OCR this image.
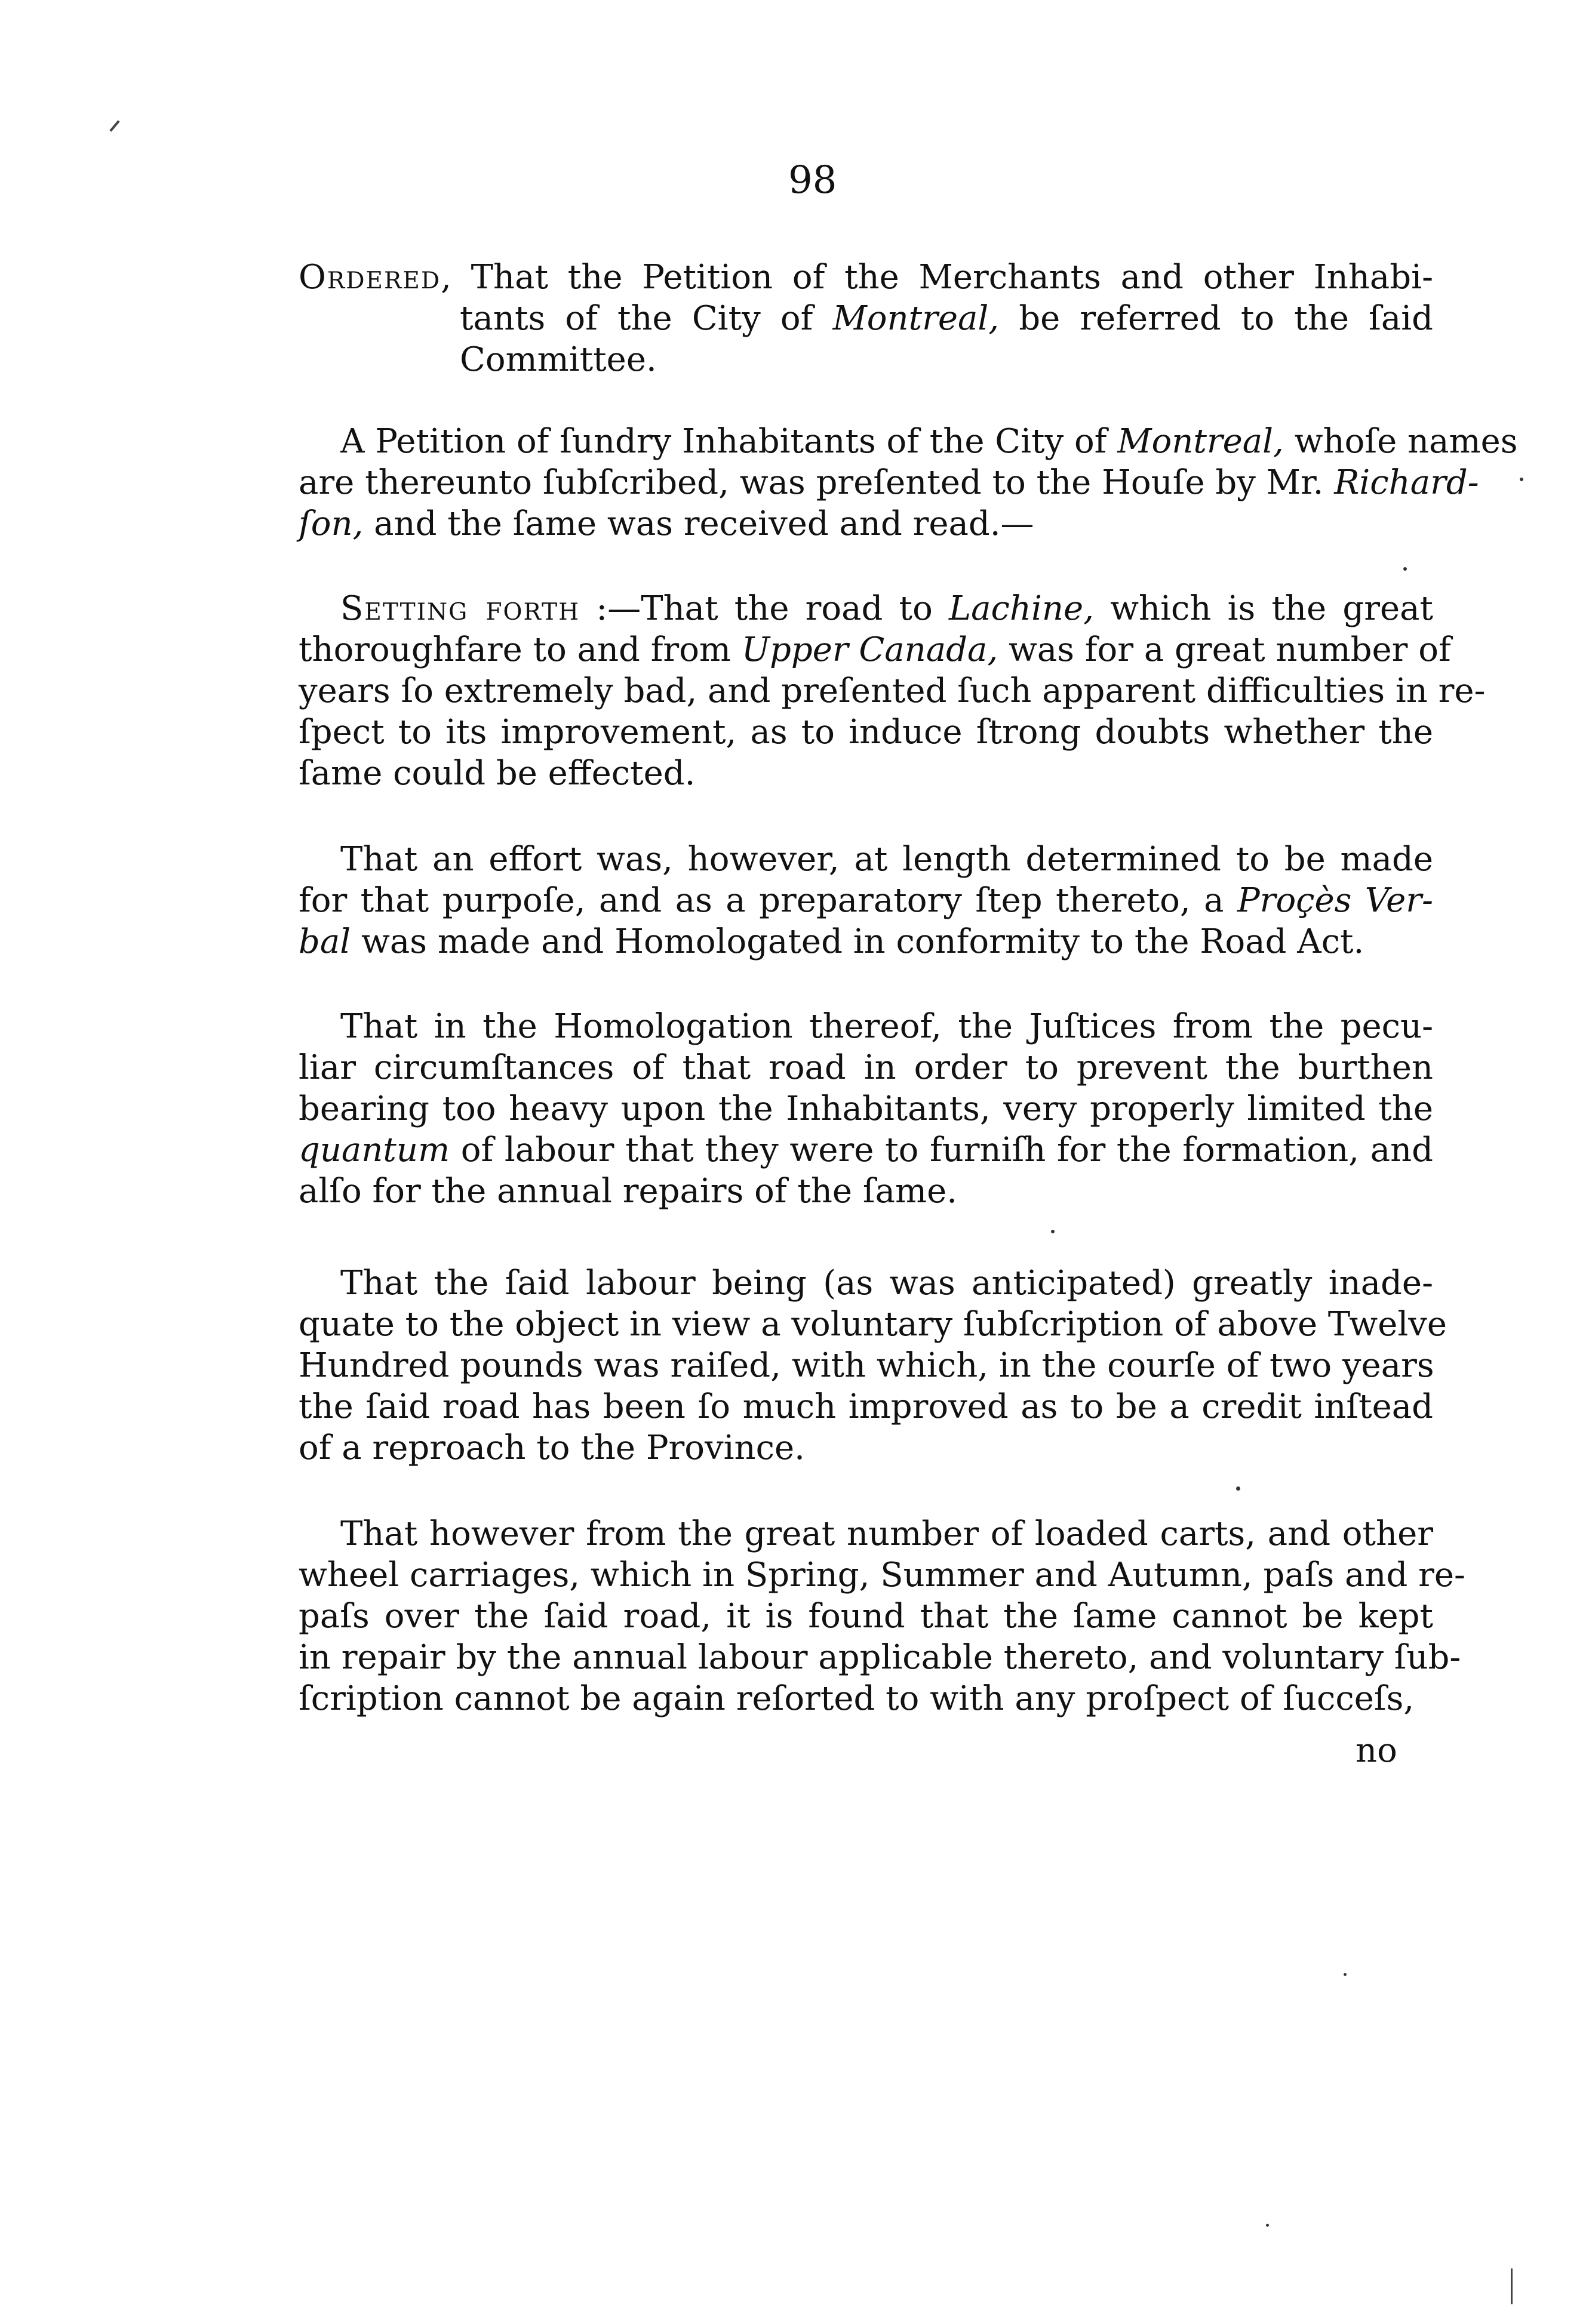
98
Ordered, That the Petition of the Merchants and other Inhabi-
tants of the City of Montreal, be referred to the ſaid
Committee.
A Petition of ſundry Inhabitants of the City of Montreal, whoſe names
are thereunto ſubſcribed, was preſented to the Houſe by Mr. Richard-
ſon, and the ſame was received and read.—
Setting forth :—That the road to Lachine, which is the great
thoroughfare to and from Upper Canada, was for a great number of
years ſo extremely bad, and preſented ſuch apparent difficulties in re-
ſpect to its improvement, as to induce ſtrong doubts whether the
ſame could be effected.
That an effort was, however, at length determined to be made
for that purpoſe, and as a preparatory ſtep thereto, a Proçès Ver-
bal was made and Homologated in conformity to the Road Act.
That in the Homologation thereof, the Juſtices from the pecu-
liar circumſtances of that road in order to prevent the burthen
bearing too heavy upon the Inhabitants, very properly limited the
quantum of labour that they were to furniſh for the formation, and
alſo for the annual repairs of the ſame.
That the ſaid labour being (as was anticipated) greatly inade-
quate to the object in view a voluntary ſubſcription of above Twelve
Hundred pounds was raiſed, with which, in the courſe of two years
the ſaid road has been ſo much improved as to be a credit inſtead
of a reproach to the Province.
That however from the great number of loaded carts, and other
wheel carriages, which in Spring, Summer and Autumn, paſs and re-
paſs over the ſaid road, it is found that the ſame cannot be kept
in repair by the annual labour applicable thereto, and voluntary ſub-
ſcription cannot be again reſorted to with any proſpect of ſucceſs,
no
